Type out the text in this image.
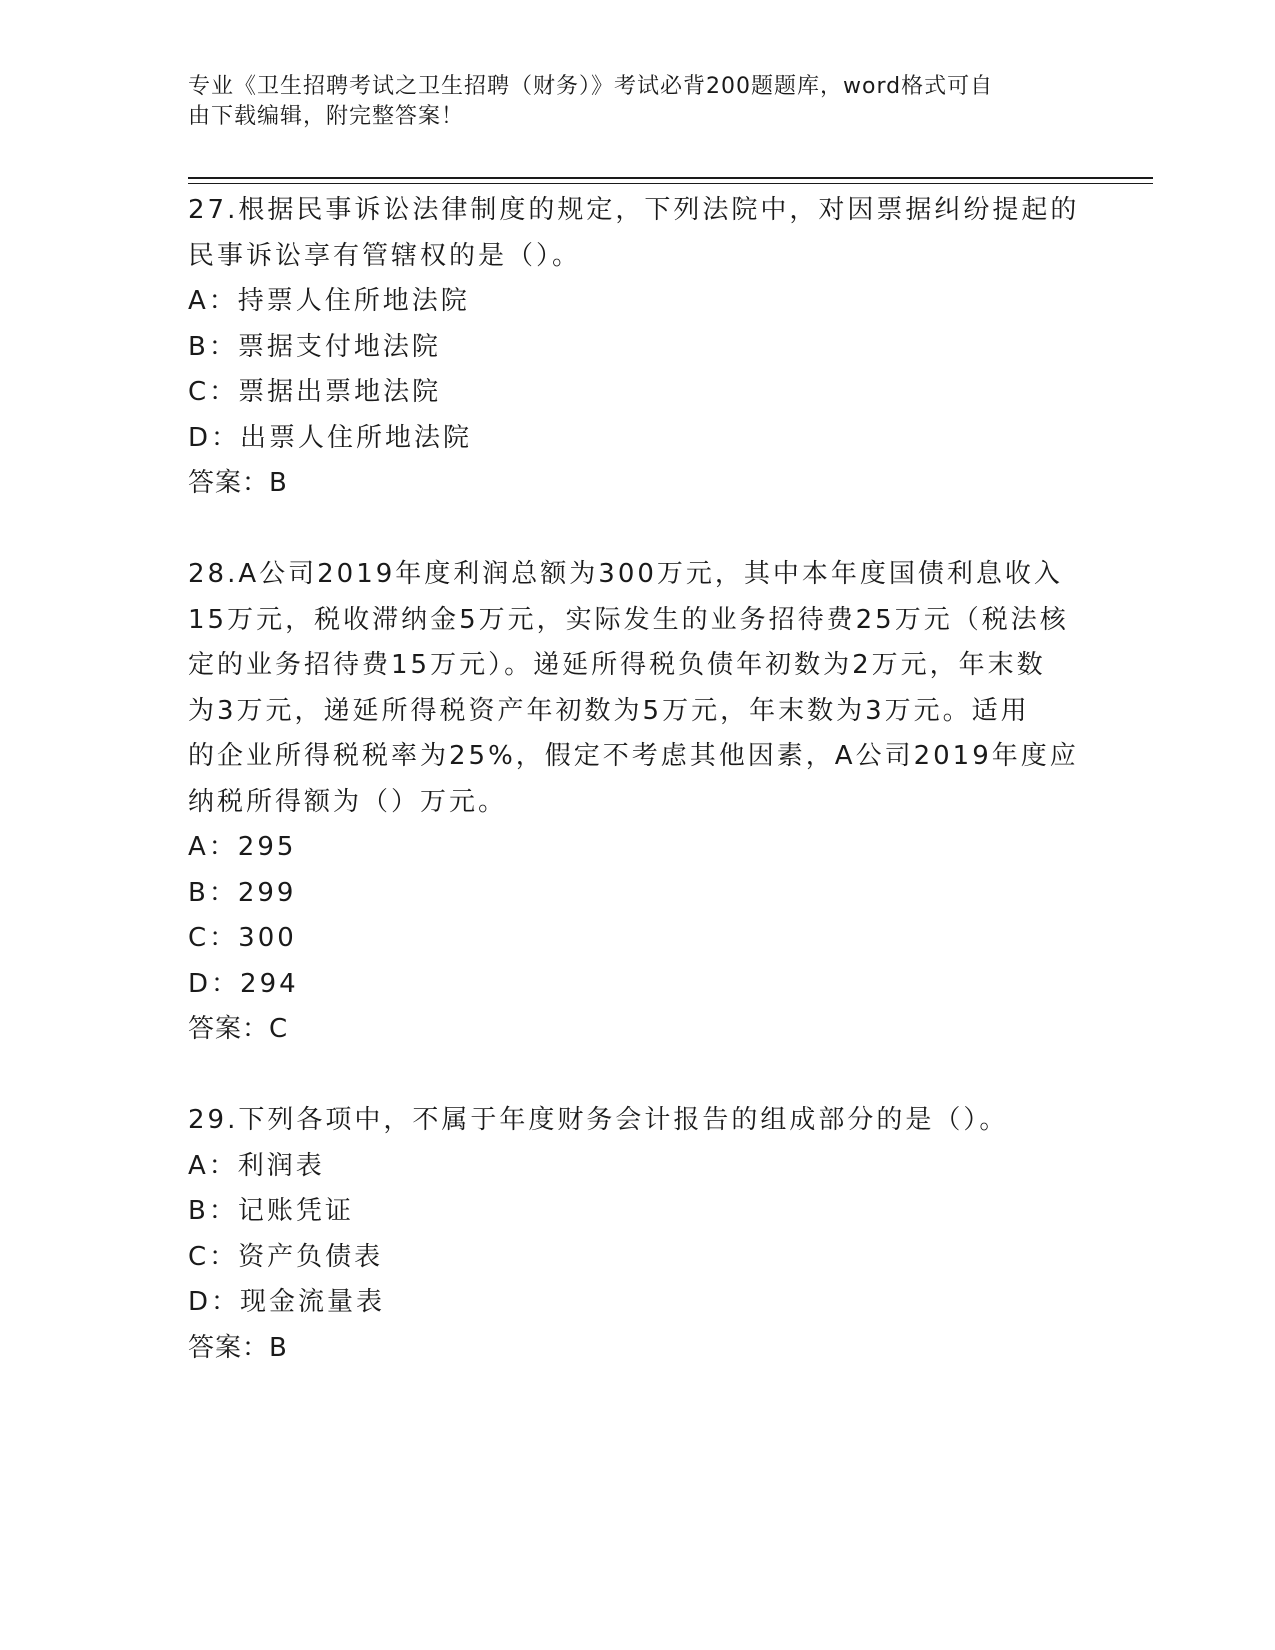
专业《卫生招聘考试之卫生招聘（财务）》考试必背200题题库，word格式可自
由下载编辑，附完整答案！
27.根据民事诉讼法律制度的规定，下列法院中，对因票据纠纷提起的
民事诉讼享有管辖权的是（）。
A：持票人住所地法院
B：票据支付地法院
C：票据出票地法院
D：出票人住所地法院
答案：B
28.A公司2019年度利润总额为300万元，其中本年度国债利息收入
15万元，税收滞纳金5万元，实际发生的业务招待费25万元（税法核
定的业务招待费15万元）。递延所得税负债年初数为2万元，年末数
为3万元，递延所得税资产年初数为5万元，年末数为3万元。适用
的企业所得税税率为25%，假定不考虑其他因素，A公司2019年度应
纳税所得额为（）万元。
A：295
B：299
C：300
D：294
答案：C
29.下列各项中，不属于年度财务会计报告的组成部分的是（）。
A：利润表
B：记账凭证
C：资产负债表
D：现金流量表
答案：B
